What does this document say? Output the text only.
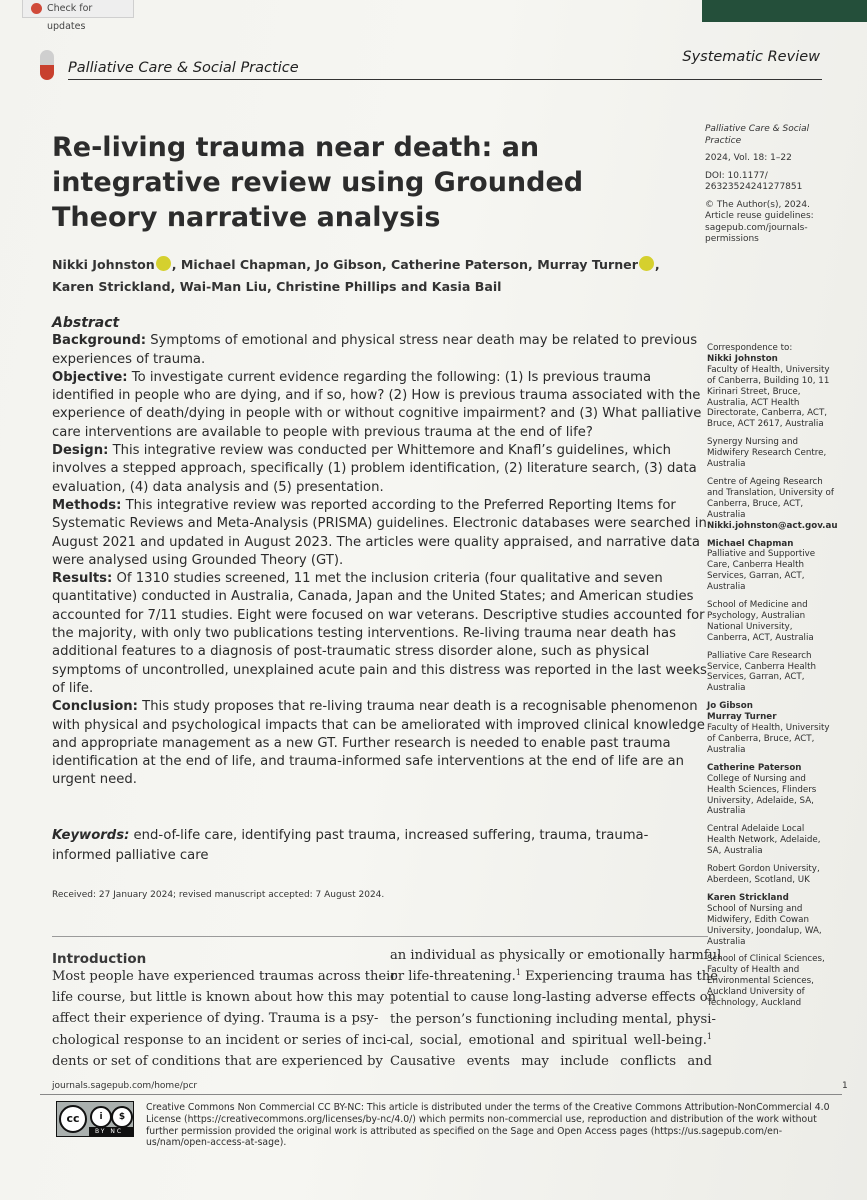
Check for updates
Palliative Care & Social Practice
Systematic Review
Re-living trauma near death: an integrative review using Grounded Theory narrative analysis
Nikki Johnston , Michael Chapman, Jo Gibson, Catherine Paterson, Murray Turner ,
Karen Strickland, Wai-Man Liu, Christine Phillips and Kasia Bail
Palliative Care & Social Practice
2024, Vol. 18: 1–22
DOI: 10.1177/
26323524241277851
© The Author(s), 2024.
Article reuse guidelines:
sagepub.com/journals-
permissions

Abstract

Background: Symptoms of emotional and physical stress near death may be related to previous experiences of trauma.

Objective: To investigate current evidence regarding the following: (1) Is previous trauma identified in people who are dying, and if so, how? (2) How is previous trauma associated with the experience of death/dying in people with or without cognitive impairment? and (3) What palliative care interventions are available to people with previous trauma at the end of life?

Design: This integrative review was conducted per Whittemore and Knafl’s guidelines, which involves a stepped approach, specifically (1) problem identification, (2) literature search, (3) data evaluation, (4) data analysis and (5) presentation.

Methods: This integrative review was reported according to the Preferred Reporting Items for Systematic Reviews and Meta-Analysis (PRISMA) guidelines. Electronic databases were searched in August 2021 and updated in August 2023. The articles were quality appraised, and narrative data were analysed using Grounded Theory (GT).

Results: Of 1310 studies screened, 11 met the inclusion criteria (four qualitative and seven quantitative) conducted in Australia, Canada, Japan and the United States; and American studies accounted for 7/11 studies. Eight were focused on war veterans. Descriptive studies accounted for the majority, with only two publications testing interventions. Re-living trauma near death has additional features to a diagnosis of post-traumatic stress disorder alone, such as physical symptoms of uncontrolled, unexplained acute pain and this distress was reported in the last weeks of life.

Conclusion: This study proposes that re-living trauma near death is a recognisable phenomenon with physical and psychological impacts that can be ameliorated with improved clinical knowledge and appropriate management as a new GT. Further research is needed to enable past trauma identification at the end of life, and trauma-informed safe interventions at the end of life are an urgent need.

Keywords: end-of-life care, identifying past trauma, increased suffering, trauma, trauma-informed palliative care
Received: 27 January 2024; revised manuscript accepted: 7 August 2024.
Introduction
Most people have experienced traumas across their
life course, but little is known about how this may
affect their experience of dying. Trauma is a psy-
chological response to an incident or series of inci-
dents or set of conditions that are experienced by
an individual as physically or emotionally harmful
or life-threatening.$^1$ Experiencing trauma has the
potential to cause long-lasting adverse effects on
the person’s functioning including mental, physi-
cal, social, emotional and spiritual well-being.$^1$
Causative events may include conflicts and
Correspondence to:
Nikki Johnston
Faculty of Health, University of Canberra, Building 10, 11 Kirinari Street, Bruce, Australia, ACT Health Directorate, Canberra, ACT, Bruce, ACT 2617, Australia
Synergy Nursing and Midwifery Research Centre, Australia
Centre of Ageing Research and Translation, University of Canberra, Bruce, ACT, Australia
Nikki.johnston@act.gov.au
Michael Chapman
Palliative and Supportive Care, Canberra Health Services, Garran, ACT, Australia
School of Medicine and Psychology, Australian National University, Canberra, ACT, Australia
Palliative Care Research Service, Canberra Health Services, Garran, ACT, Australia
Jo Gibson
Murray Turner
Faculty of Health, University of Canberra, Bruce, ACT, Australia
Catherine Paterson
College of Nursing and Health Sciences, Flinders University, Adelaide, SA, Australia
Central Adelaide Local Health Network, Adelaide, SA, Australia
Robert Gordon University, Aberdeen, Scotland, UK
Karen Strickland
School of Nursing and Midwifery, Edith Cowan University, Joondalup, WA, Australia
School of Clinical Sciences, Faculty of Health and Environmental Sciences, Auckland University of Technology, Auckland
journals.sagepub.com/home/pcr	1
cc	i	$
BY NC
Creative Commons Non Commercial CC BY-NC: This article is distributed under the terms of the Creative Commons Attribution-NonCommercial 4.0 License (https://creativecommons.org/licenses/by-nc/4.0/) which permits non-commercial use, reproduction and distribution of the work without further permission provided the original work is attributed as specified on the Sage and Open Access pages (https://us.sagepub.com/en-us/nam/open-access-at-sage).
